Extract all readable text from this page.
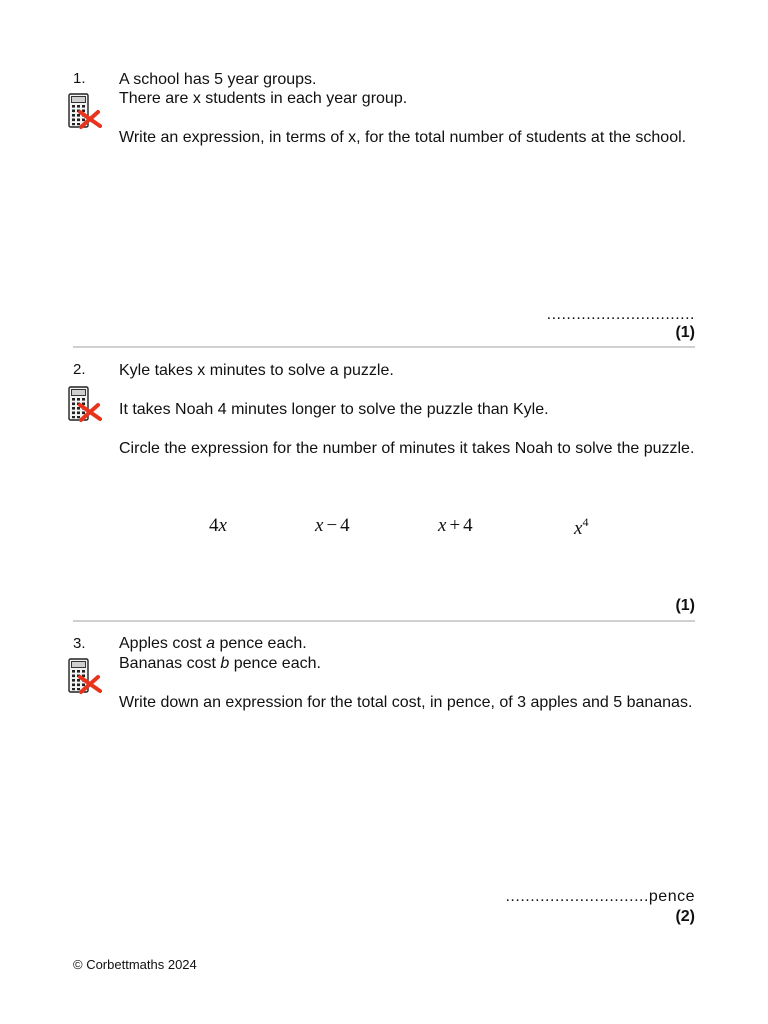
1. A school has 5 year groups.
There are x students in each year group.
Write an expression, in terms of x, for the total number of students at the school.
..............................
(1)
2. Kyle takes x minutes to solve a puzzle.
It takes Noah 4 minutes longer to solve the puzzle than Kyle.
Circle the expression for the number of minutes it takes Noah to solve the puzzle.
4x	x − 4	x + 4	$x^4$
(1)
3. Apples cost a pence each.
Bananas cost b pence each.
Write down an expression for the total cost, in pence, of 3 apples and 5 bananas.
.............................pence
(2)
© Corbettmaths 2024
